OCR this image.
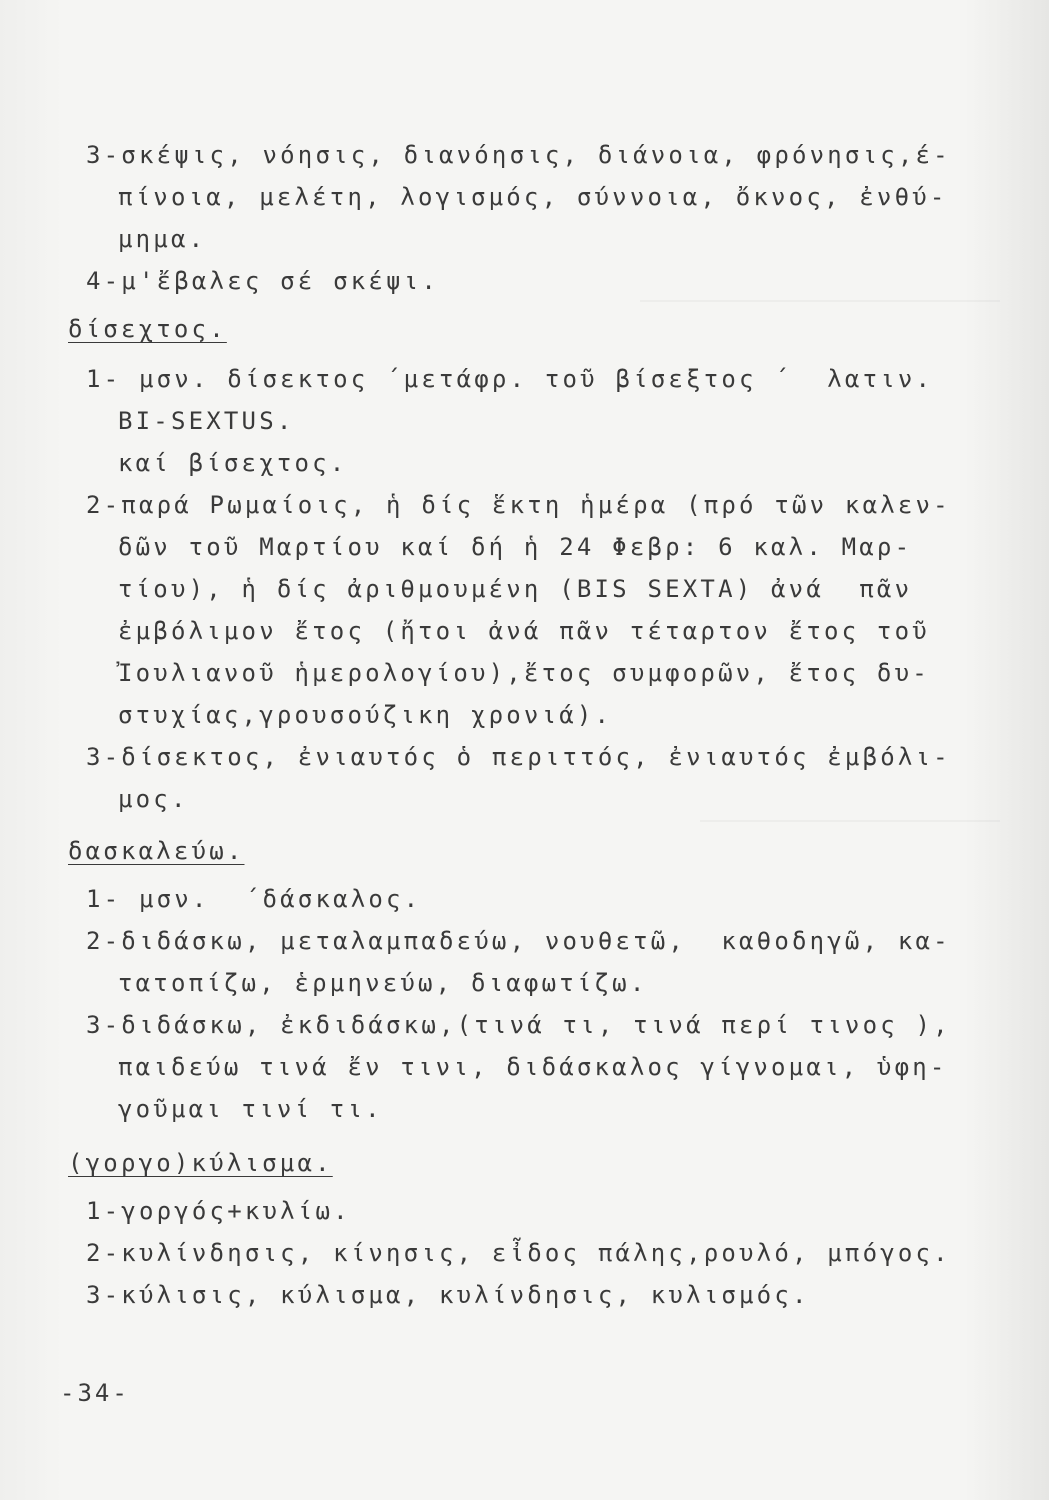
3-σκέψις, νόησις, διανόησις, διάνοια, φρόνησις,έ-
πίνοια, μελέτη, λογισμός, σύννοια, ὄκνος, ἐνθύ-
μημα.
4-μ'ἔβαλες σέ σκέψι.
δίσεχτος.
1- μσν. δίσεκτος ΄μετάφρ. τοῦ βίσεξτος ΄  λατιν.
BI-SEXTUS.
καί βίσεχτος.
2-παρά Ρωμαίοις, ἡ δίς ἕκτη ἡμέρα (πρό τῶν καλεν-
δῶν τοῦ Μαρτίου καί δή ἡ 24 Φεβρ: 6 καλ. Μαρ-
τίου), ἡ δίς ἀριθμουμένη (BIS SEXTA) ἀνά  πᾶν
ἐμβόλιμον ἔτος (ἤτοι ἀνά πᾶν τέταρτον ἔτος τοῦ
Ἰουλιανοῦ ἡμερολογίου),ἔτος συμφορῶν, ἔτος δυ-
στυχίας,γρουσούζικη χρονιά).
3-δίσεκτος, ἐνιαυτός ὁ περιττός, ἐνιαυτός ἐμβόλι-
μος.
δασκαλεύω.
1- μσν.  ΄δάσκαλος.
2-διδάσκω, μεταλαμπαδεύω, νουθετῶ,  καθοδηγῶ, κα-
τατοπίζω, ἑρμηνεύω, διαφωτίζω.
3-διδάσκω, ἐκδιδάσκω,(τινά τι, τινά περί τινος ),
παιδεύω τινά ἔν τινι, διδάσκαλος γίγνομαι, ὑφη-
γοῦμαι τινί τι.
(γοργο)κύλισμα.
1-γοργός+κυλίω.
2-κυλίνδησις, κίνησις, εἶδος πάλης,ρουλό, μπόγος.
3-κύλισις, κύλισμα, κυλίνδησις, κυλισμός.
-34-
